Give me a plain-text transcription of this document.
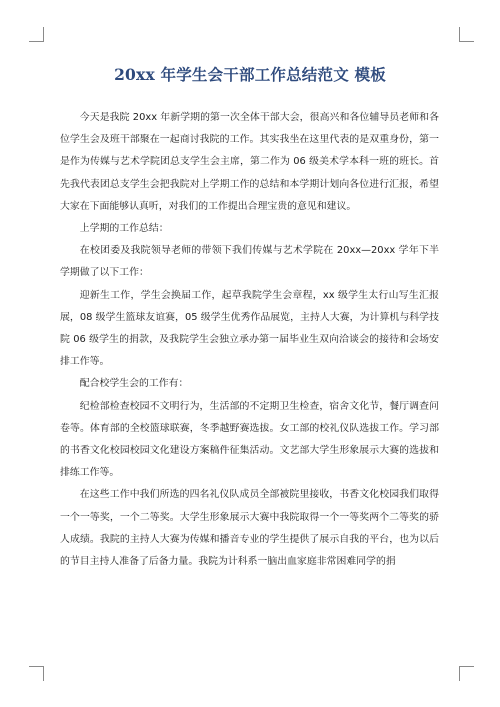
20xx 年学生会干部工作总结范文 模板

今天是我院 20xx 年新学期的第一次全体干部大会，很高兴和各位辅导员老师和各位学生会及班干部聚在一起商讨我院的工作。其实我坐在这里代表的是双重身份，第一是作为传媒与艺术学院团总支学生会主席，第二作为 06 级美术学本科一班的班长。首先我代表团总支学生会把我院对上学期工作的总结和本学期计划向各位进行汇报，希望大家在下面能够认真听，对我们的工作提出合理宝贵的意见和建议。

上学期的工作总结：

在校团委及我院领导老师的带领下我们传媒与艺术学院在 20xx—20xx 学年下半学期做了以下工作：

迎新生工作，学生会换届工作，起草我院学生会章程，xx 级学生太行山写生汇报展，08 级学生篮球友谊赛，05 级学生优秀作品展览，主持人大赛，为计算机与科学技院 06 级学生的捐款，及我院学生会独立承办第一届毕业生双向洽谈会的接待和会场安排工作等。

配合校学生会的工作有：

纪检部检查校园不文明行为，生活部的不定期卫生检查，宿舍文化节，餐厅调查问卷等。体育部的全校篮球联赛，冬季越野赛选拔。女工部的校礼仪队选拔工作。学习部的书香文化校园校园文化建设方案稿件征集活动。文艺部大学生形象展示大赛的选拔和排练工作等。

在这些工作中我们所选的四名礼仪队成员全部被院里接收，书香文化校园我们取得一个一等奖，一个二等奖。大学生形象展示大赛中我院取得一个一等奖两个二等奖的骄人成绩。我院的主持人大赛为传媒和播音专业的学生提供了展示自我的平台，也为以后的节目主持人准备了后备力量。我院为计科系一脑出血家庭非常困难同学的捐
